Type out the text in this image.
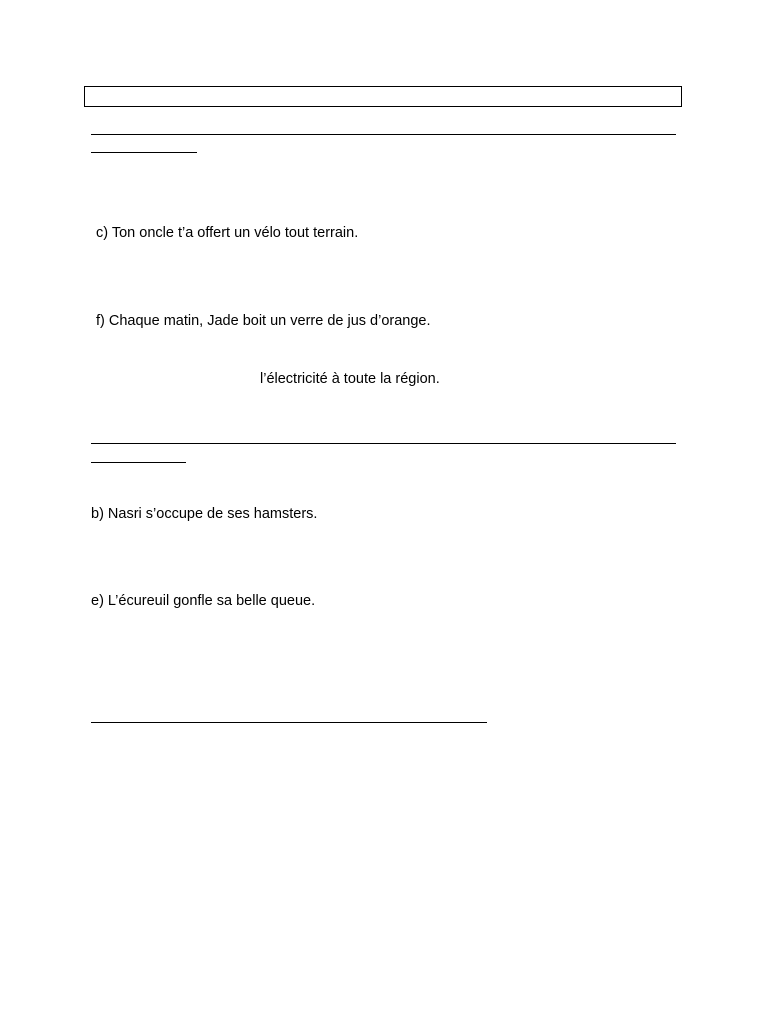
c) Ton oncle t’a offert un vélo tout terrain.
f) Chaque matin, Jade boit un verre de jus d’orange.
l’électricité à toute la région.
b) Nasri s’occupe de ses hamsters.
e) L’écureuil gonfle sa belle queue.
